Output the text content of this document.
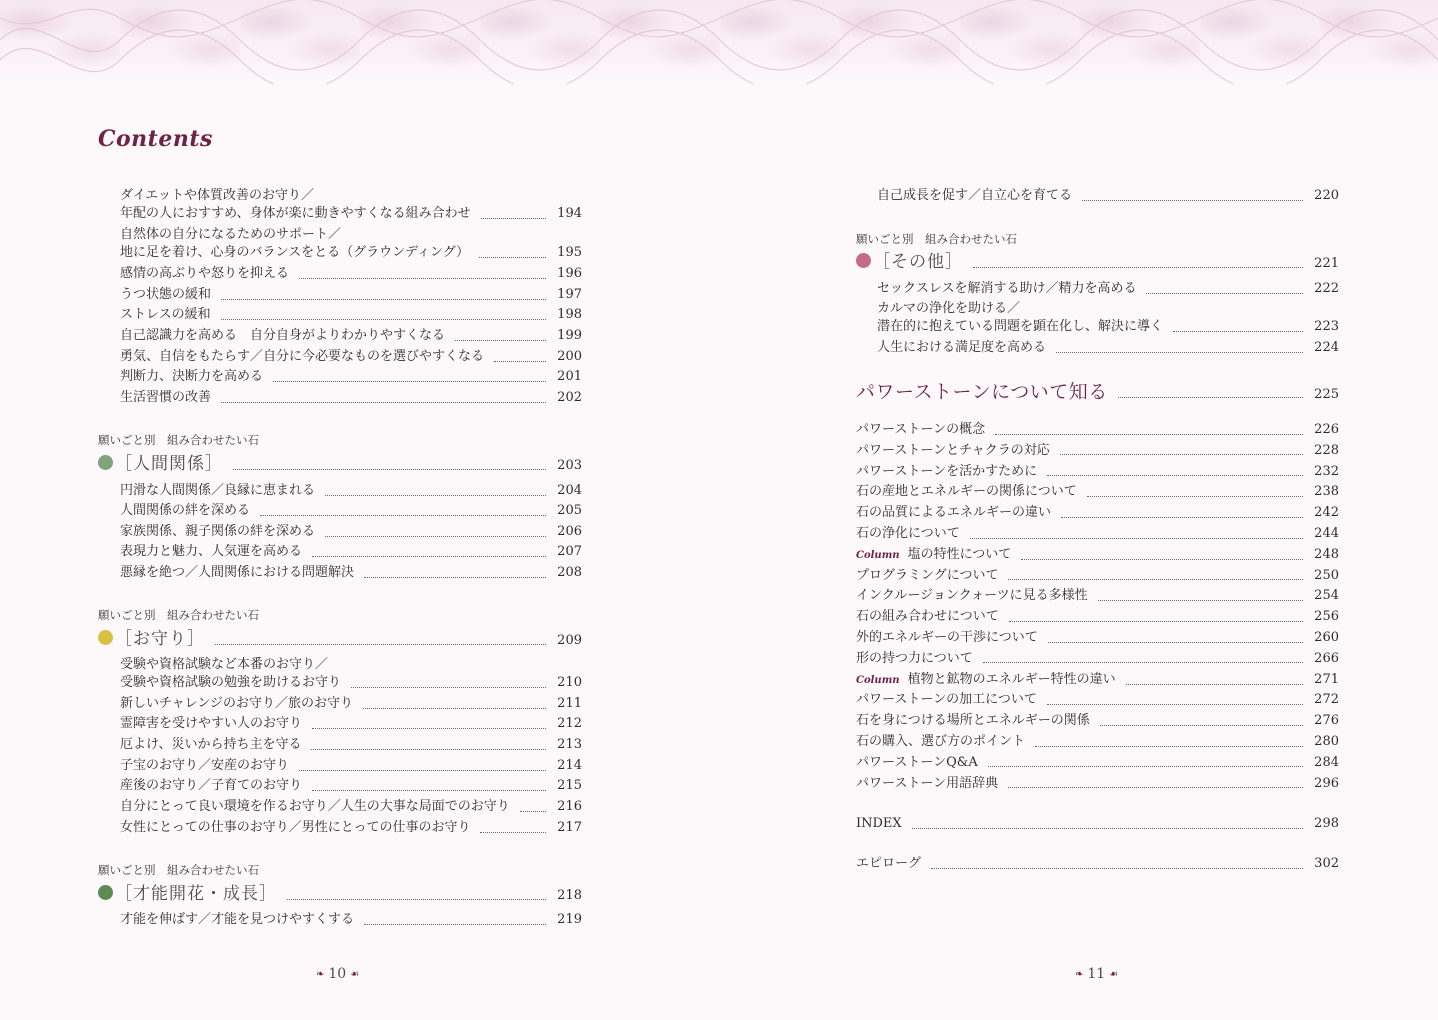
Contents
ダイエットや体質改善のお守り／
年配の人におすすめ、身体が楽に動きやすくなる組み合わせ	194
自然体の自分になるためのサポート／
地に足を着け、心身のバランスをとる（グラウンディング）	195
感情の高ぶりや怒りを抑える	196
うつ状態の緩和	197
ストレスの緩和	198
自己認識力を高める　自分自身がよりわかりやすくなる	199
勇気、自信をもたらす／自分に今必要なものを選びやすくなる	200
判断力、決断力を高める	201
生活習慣の改善	202
願いごと別　組み合わせたい石
［人間関係］	203
円滑な人間関係／良縁に恵まれる	204
人間関係の絆を深める	205
家族関係、親子関係の絆を深める	206
表現力と魅力、人気運を高める	207
悪縁を絶つ／人間関係における問題解決	208
願いごと別　組み合わせたい石
［お守り］	209
受験や資格試験など本番のお守り／
受験や資格試験の勉強を助けるお守り	210
新しいチャレンジのお守り／旅のお守り	211
霊障害を受けやすい人のお守り	212
厄よけ、災いから持ち主を守る	213
子宝のお守り／安産のお守り	214
産後のお守り／子育てのお守り	215
自分にとって良い環境を作るお守り／人生の大事な局面でのお守り	216
女性にとっての仕事のお守り／男性にとっての仕事のお守り	217
願いごと別　組み合わせたい石
［才能開花・成長］	218
才能を伸ばす／才能を見つけやすくする	219
❧ 10 ☙
自己成長を促す／自立心を育てる	220
願いごと別　組み合わせたい石
［その他］	221
セックスレスを解消する助け／精力を高める	222
カルマの浄化を助ける／
潜在的に抱えている問題を顕在化し、解決に導く	223
人生における満足度を高める	224
パワーストーンについて知る	225
パワーストーンの概念	226
パワーストーンとチャクラの対応	228
パワーストーンを活かすために	232
石の産地とエネルギーの関係について	238
石の品質によるエネルギーの違い	242
石の浄化について	244
Column 塩の特性について	248
プログラミングについて	250
インクルージョンクォーツに見る多様性	254
石の組み合わせについて	256
外的エネルギーの干渉について	260
形の持つ力について	266
Column 植物と鉱物のエネルギー特性の違い	271
パワーストーンの加工について	272
石を身につける場所とエネルギーの関係	276
石の購入、選び方のポイント	280
パワーストーンQ&A	284
パワーストーン用語辞典	296
INDEX	298
エピローグ	302
❧ 11 ☙
